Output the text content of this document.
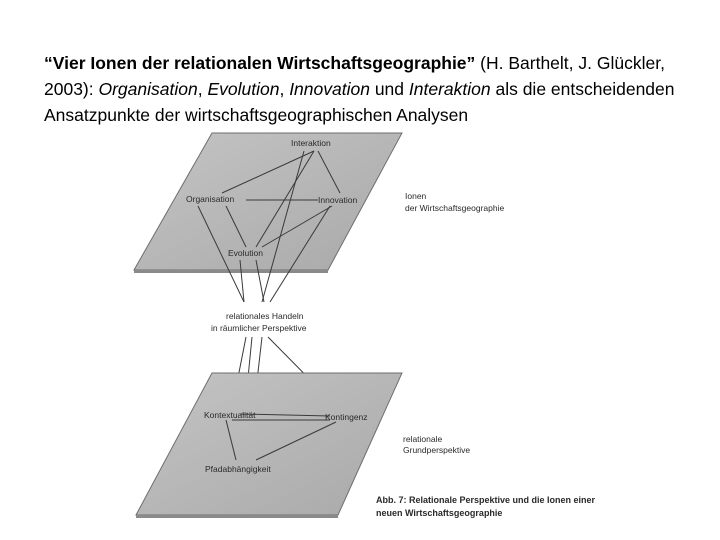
“Vier Ionen der relationalen Wirtschaftsgeographie” (H. Barthelt, J. Glückler, 2003): Organisation, Evolution, Innovation und Interaktion als die entscheidenden Ansatzpunkte der wirtschaftsgeographischen Analysen

Interaktion
Organisation	Innovation
Evolution
Ionen
der Wirtschaftsgeographie
relationales Handeln
in räumlicher Perspektive
Kontextualität	Kontingenz
Pfadabhängigkeit
relationale
Grundperspektive
Abb. 7: Relationale Perspektive und die Ionen einer
neuen Wirtschaftsgeographie
